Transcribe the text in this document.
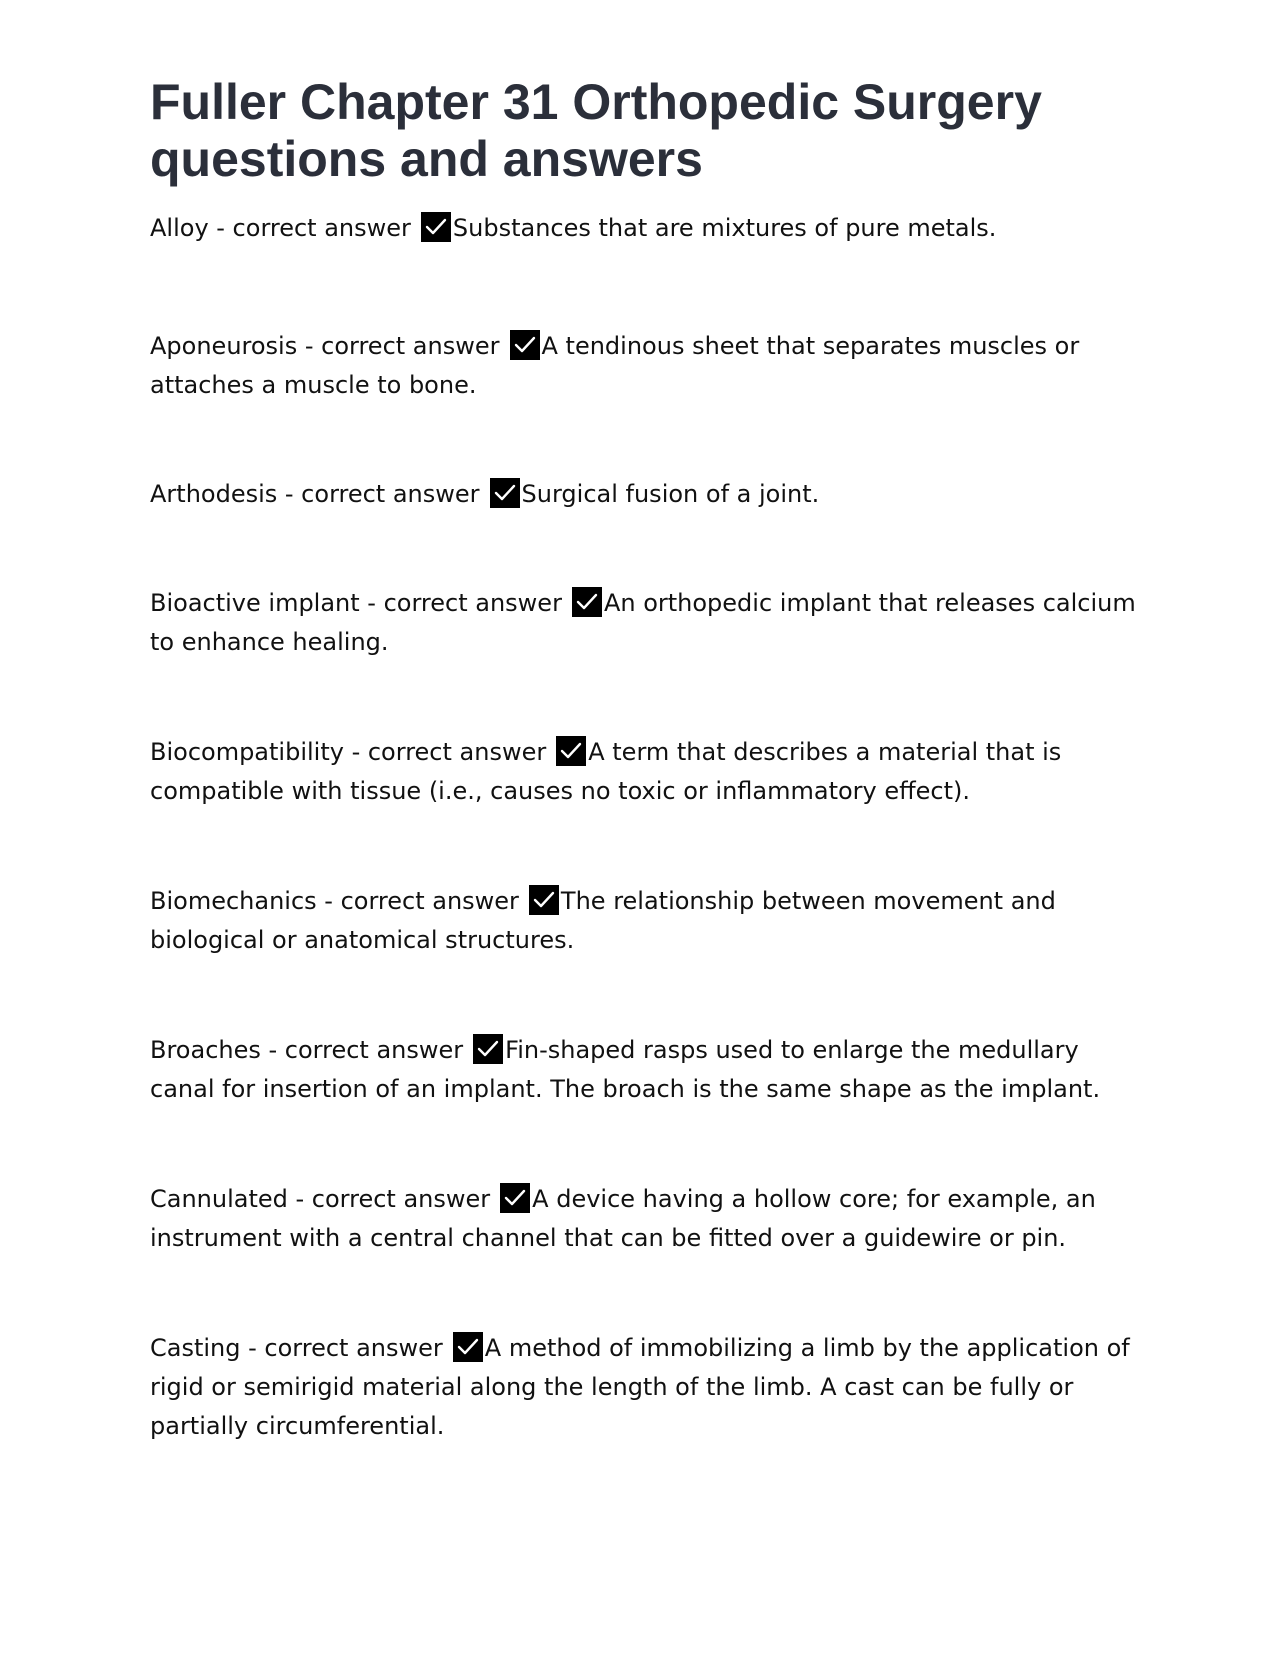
Fuller Chapter 31 Orthopedic Surgery questions and answers

Alloy - correct answer Substances that are mixtures of pure metals.

Aponeurosis - correct answer A tendinous sheet that separates muscles or attaches a muscle to bone.

Arthodesis - correct answer Surgical fusion of a joint.

Bioactive implant - correct answer An orthopedic implant that releases calcium to enhance healing.

Biocompatibility - correct answer A term that describes a material that is compatible with tissue (i.e., causes no toxic or inflammatory effect).

Biomechanics - correct answer The relationship between movement and biological or anatomical structures.

Broaches - correct answer Fin-shaped rasps used to enlarge the medullary canal for insertion of an implant. The broach is the same shape as the implant.

Cannulated - correct answer A device having a hollow core; for example, an instrument with a central channel that can be fitted over a guidewire or pin.

Casting - correct answer A method of immobilizing a limb by the application of rigid or semirigid material along the length of the limb. A cast can be fully or partially circumferential.
